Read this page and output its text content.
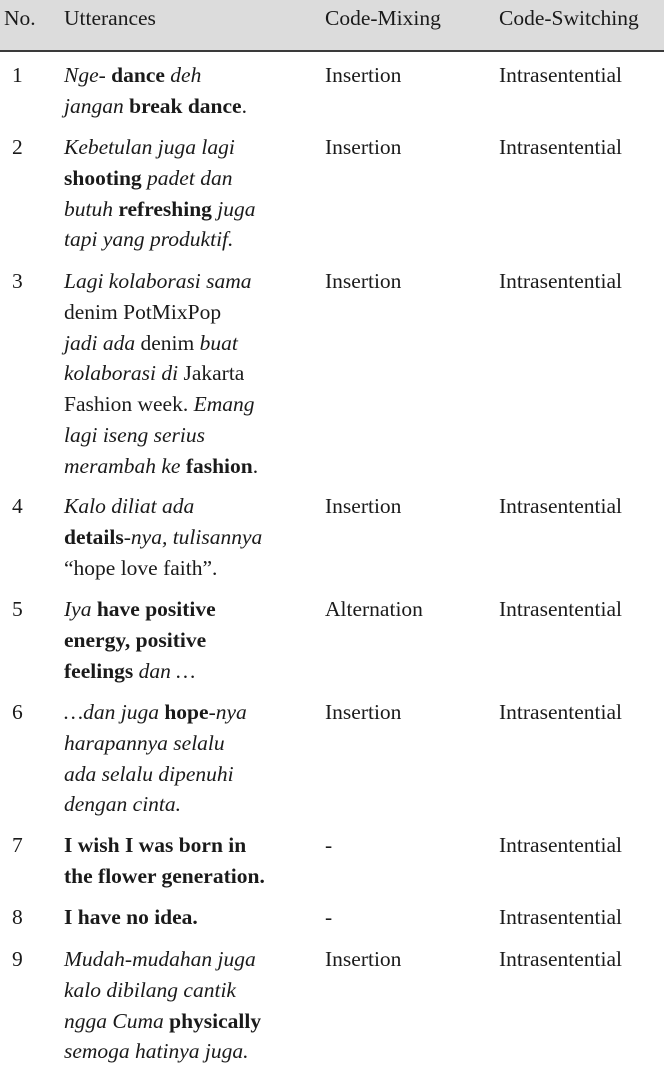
No. Utterances	Code-Mixing	Code-Switching
1 Nge- dance deh
jangan break dance.
Insertion	Intrasentential
2 Kebetulan juga lagi
shooting padet dan
butuh refreshing juga
tapi yang produktif.
Insertion	Intrasentential
3 Lagi kolaborasi sama
denim PotMixPop
jadi ada denim buat
kolaborasi di Jakarta
Fashion week. Emang
lagi iseng serius
merambah ke fashion.
Insertion	Intrasentential
4 Kalo diliat ada
details-nya, tulisannya
“hope love faith”.
Insertion	Intrasentential
5 Iya have positive
energy, positive
feelings dan …
Alternation	Intrasentential
6 …dan juga hope-nya
harapannya selalu
ada selalu dipenuhi
dengan cinta.
Insertion	Intrasentential
7 I wish I was born in
the flower generation.
-	Intrasentential
8 I have no idea.	-	Intrasentential
9 Mudah-mudahan juga
kalo dibilang cantik
ngga Cuma physically
semoga hatinya juga.
Insertion	Intrasentential
